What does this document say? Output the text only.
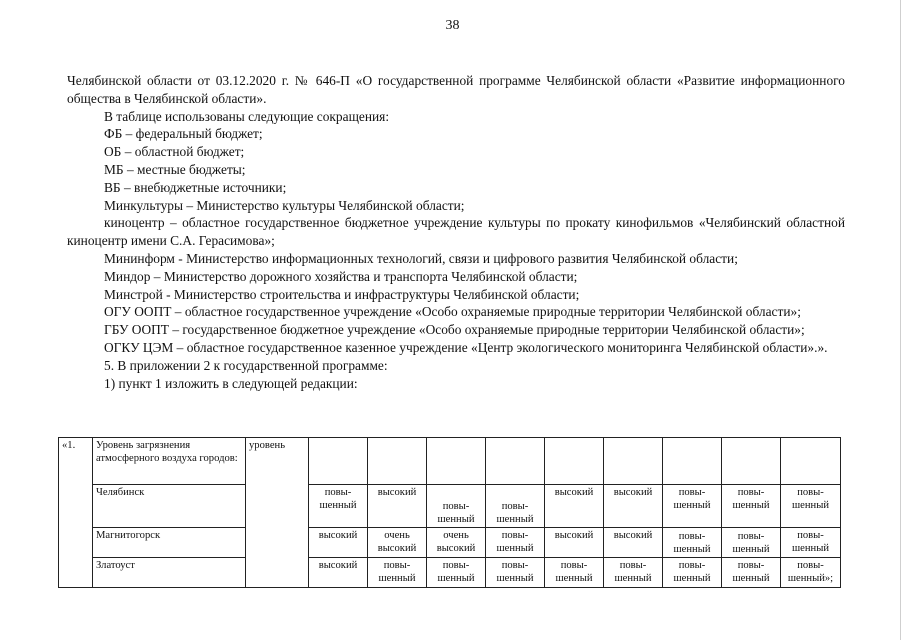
38

Челябинской области от 03.12.2020 г. № 646-П «О государственной программе Челябинской области «Развитие информационного общества в Челябинской области».

В таблице использованы следующие сокращения:

ФБ – федеральный бюджет;

ОБ – областной бюджет;

МБ – местные бюджеты;

ВБ – внебюджетные источники;

Минкультуры – Министерство культуры Челябинской области;

киноцентр – областное государственное бюджетное учреждение культуры по прокату кинофильмов «Челябинский областной киноцентр имени С.А. Герасимова»;

Мининформ - Министерство информационных технологий, связи и цифрового развития Челябинской области;

Миндор – Министерство дорожного хозяйства и транспорта Челябинской области;

Минстрой - Министерство строительства и инфраструктуры Челябинской области;

ОГУ ООПТ – областное государственное учреждение «Особо охраняемые природные территории Челябинской области»;

ГБУ ООПТ – государственное бюджетное учреждение «Особо охраняемые природные территории Челябинской области»;

ОГКУ ЦЭМ – областное государственное казенное учреждение «Центр экологического мониторинга Челябинской области».».

5. В приложении 2 к государственной программе:

1) пункт 1 изложить в следующей редакции:

«1.	Уровень загрязнения атмосферного воздуха городов:	уровень									
	Челябинск		повы-шенный	высокий	повы-шенный	повы-шенный	высокий	высокий	повы-шенный	повы-шенный	повы-шенный
	Магнитогорск		высокий	очень высокий	очень высокий	повы-шенный	высокий	высокий	повы-шенный	повы-шенный	повы-шенный
	Златоуст		высокий	повы-шенный	повы-шенный	повы-шенный	повы-шенный	повы-шенный	повы-шенный	повы-шенный	повы-шенный»;
